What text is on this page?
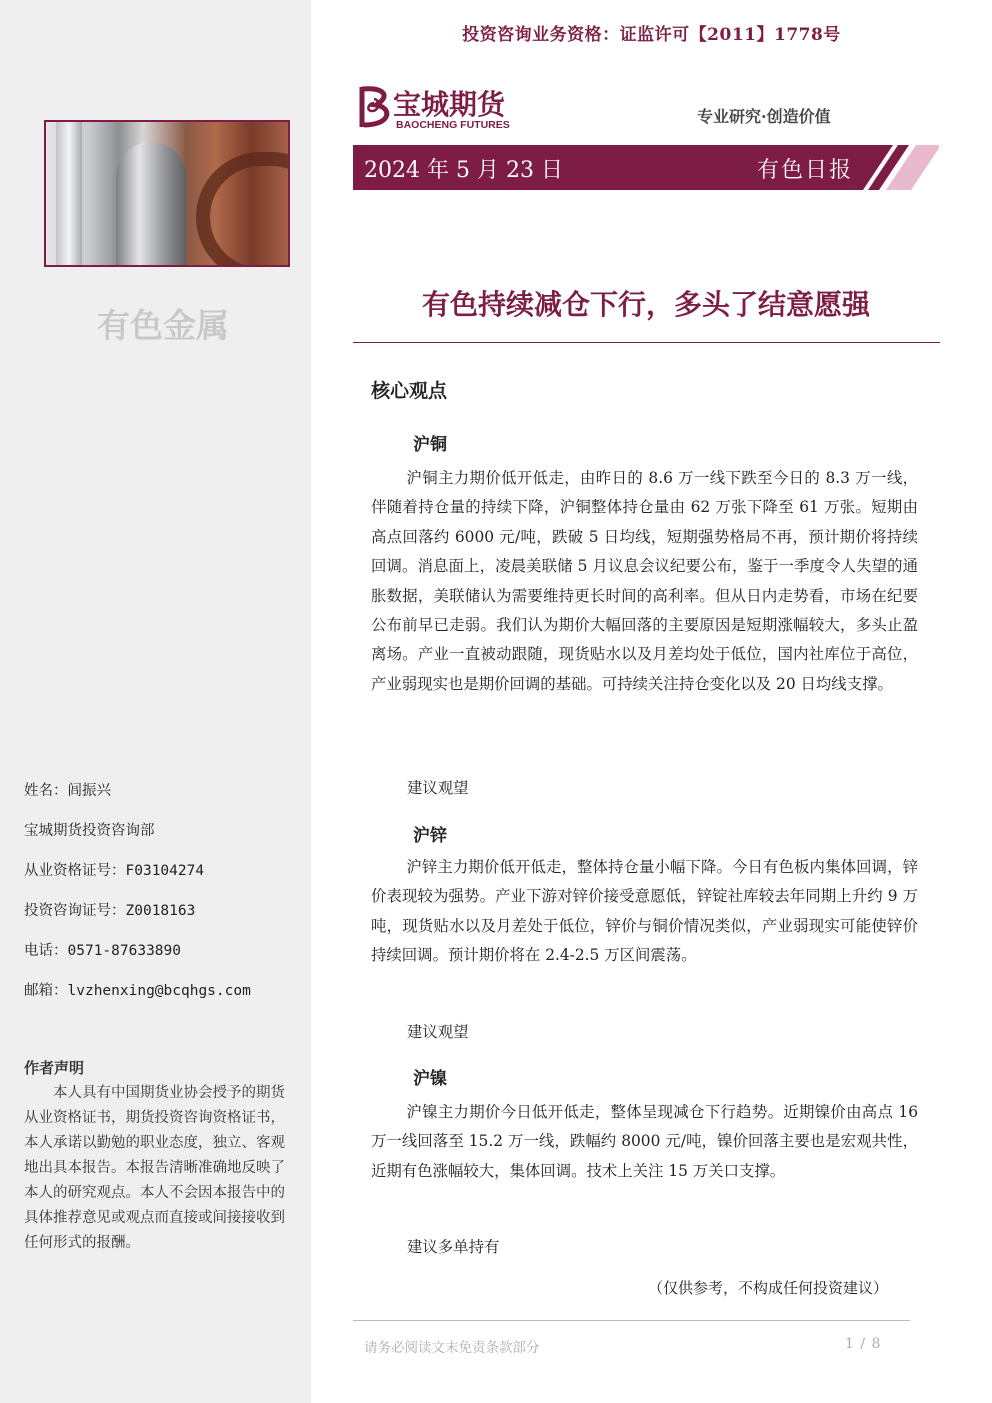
有色金属
姓名：闾振兴
宝城期货投资咨询部
从业资格证号：F03104274
投资咨询证号：Z0018163
电话：0571-87633890
邮箱：lvzhenxing@bcqhgs.com
作者声明
本人具有中国期货业协会授予的期货从业资格证书，期货投资咨询资格证书，本人承诺以勤勉的职业态度，独立、客观地出具本报告。本报告清晰准确地反映了本人的研究观点。本人不会因本报告中的具体推荐意见或观点而直接或间接接收到任何形式的报酬。
投资咨询业务资格：证监许可【2011】1778号
宝城期货
BAOCHENG FUTURES	专业研究·创造价值
2024 年 5 月 23 日	有色日报
有色持续减仓下行，多头了结意愿强
核心观点
沪铜
沪铜主力期价低开低走，由昨日的 8.6 万一线下跌至今日的 8.3 万一线，伴随着持仓量的持续下降，沪铜整体持仓量由 62 万张下降至 61 万张。短期由高点回落约 6000 元/吨，跌破 5 日均线，短期强势格局不再，预计期价将持续回调。消息面上，凌晨美联储 5 月议息会议纪要公布，鉴于一季度令人失望的通胀数据，美联储认为需要维持更长时间的高利率。但从日内走势看，市场在纪要公布前早已走弱。我们认为期价大幅回落的主要原因是短期涨幅较大，多头止盈离场。产业一直被动跟随，现货贴水以及月差均处于低位，国内社库位于高位，产业弱现实也是期价回调的基础。可持续关注持仓变化以及 20 日均线支撑。
建议观望
沪锌
沪锌主力期价低开低走，整体持仓量小幅下降。今日有色板内集体回调，锌价表现较为强势。产业下游对锌价接受意愿低，锌锭社库较去年同期上升约 9 万吨，现货贴水以及月差处于低位，锌价与铜价情况类似，产业弱现实可能使锌价持续回调。预计期价将在 2.4-2.5 万区间震荡。
建议观望
沪镍
沪镍主力期价今日低开低走，整体呈现减仓下行趋势。近期镍价由高点 16 万一线回落至 15.2 万一线，跌幅约 8000 元/吨，镍价回落主要也是宏观共性，近期有色涨幅较大，集体回调。技术上关注 15 万关口支撑。
建议多单持有
（仅供参考，不构成任何投资建议）
请务必阅读文末免责条款部分	1 / 8
